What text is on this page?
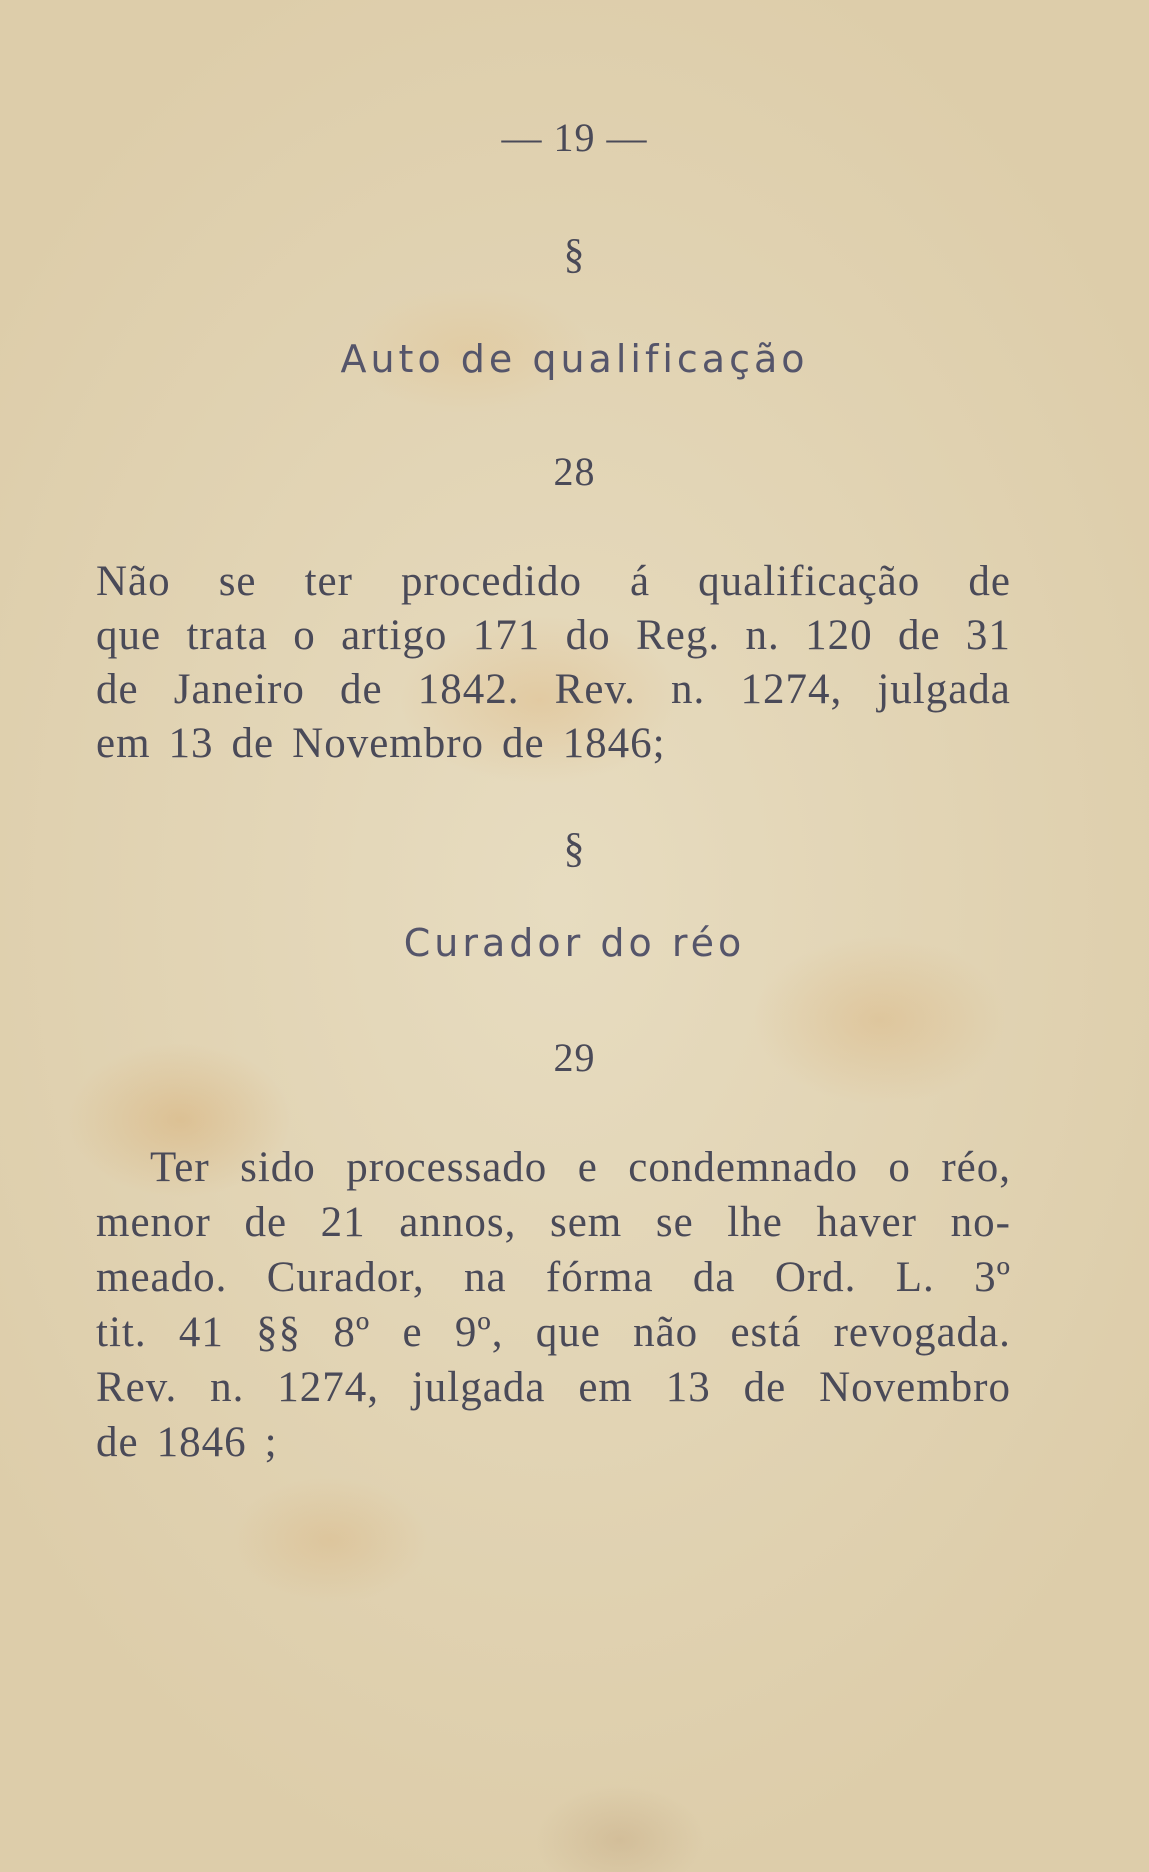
— 19 —
§
Auto de qualificação
28
Não se ter procedido á qualificação de
que trata o artigo 171 do Reg. n. 120 de 31
de Janeiro de 1842. Rev. n. 1274, julgada
em 13 de Novembro de 1846;
§
Curador do réo
29
Ter sido processado e condemnado o réo,
menor de 21 annos, sem se lhe haver no-
meado. Curador, na fórma da Ord. L. 3º
tit. 41 §§ 8º e 9º, que não está revogada.
Rev. n. 1274, julgada em 13 de Novembro
de 1846 ;
